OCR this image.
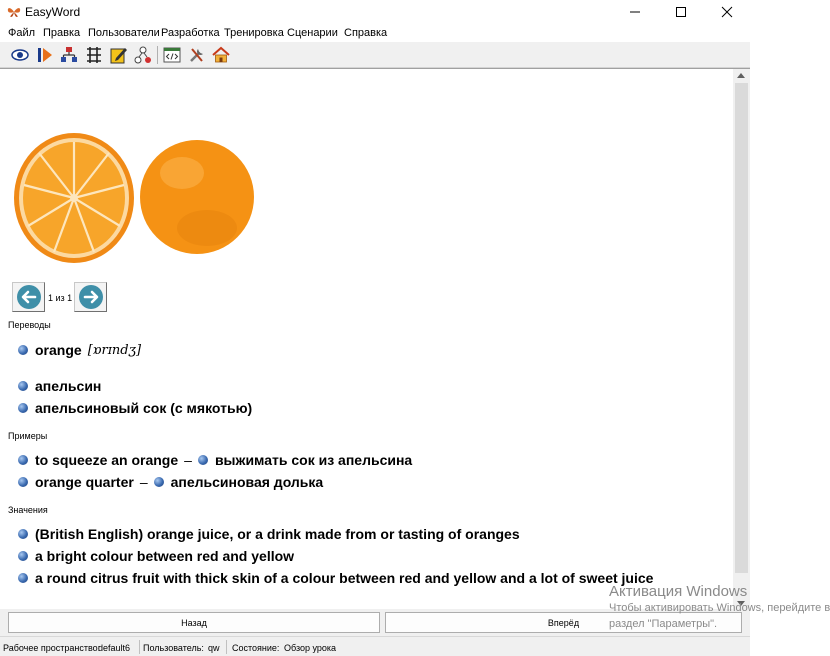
EasyWord
Файл Правка Пользователи Разработка Тренировка Сценарии Справка
1 из 1
Переводы
orange [ɒrɪndʒ]
апельсин
апельсиновый сок (с мякотью)
Примеры
to squeeze an orange – выжимать сок из апельсина
orange quarter – апельсиновая долька
Значения
(British English) orange juice, or a drink made from or tasting of oranges
a bright colour between red and yellow
a round citrus fruit with thick skin of a colour between red and yellow and a lot of sweet juice
Назад	Вперёд
Рабочее пространство:
default6 Пользователь: qw Состояние: Обзор урока
Активация Windows
Чтобы активировать Windows, перейдите в
раздел "Параметры".
